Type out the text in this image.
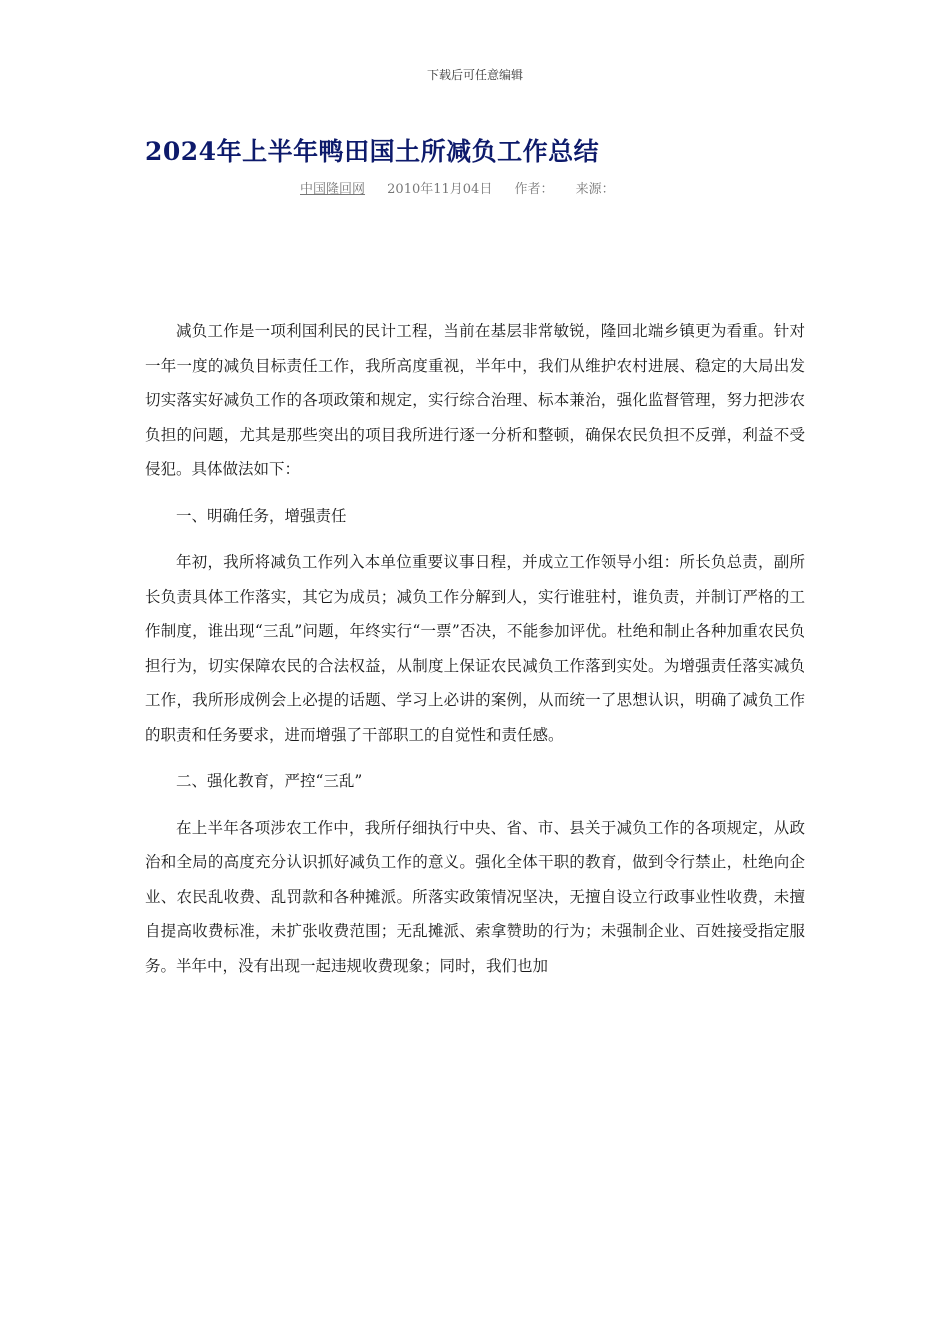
下载后可任意编辑
2024年上半年鸭田国土所减负工作总结
中国隆回网 2010年11月04日 作者： 来源：

减负工作是一项利国利民的民计工程，当前在基层非常敏锐，隆回北端乡镇更为看重。针对一年一度的减负目标责任工作，我所高度重视，半年中，我们从维护农村进展、稳定的大局出发切实落实好减负工作的各项政策和规定，实行综合治理、标本兼治，强化监督管理，努力把涉农负担的问题，尤其是那些突出的项目我所进行逐一分析和整顿，确保农民负担不反弹，利益不受侵犯。具体做法如下：

一、明确任务，增强责任

年初，我所将减负工作列入本单位重要议事日程，并成立工作领导小组：所长负总责，副所长负责具体工作落实，其它为成员；减负工作分解到人，实行谁驻村，谁负责，并制订严格的工作制度，谁出现“三乱”问题，年终实行“一票”否决，不能参加评优。杜绝和制止各种加重农民负担行为，切实保障农民的合法权益，从制度上保证农民减负工作落到实处。为增强责任落实减负工作，我所形成例会上必提的话题、学习上必讲的案例，从而统一了思想认识，明确了减负工作的职责和任务要求，进而增强了干部职工的自觉性和责任感。

二、强化教育，严控“三乱”

在上半年各项涉农工作中，我所仔细执行中央、省、市、县关于减负工作的各项规定，从政治和全局的高度充分认识抓好减负工作的意义。强化全体干职的教育，做到令行禁止，杜绝向企业、农民乱收费、乱罚款和各种摊派。所落实政策情况坚决，无擅自设立行政事业性收费，未擅自提高收费标准，未扩张收费范围；无乱摊派、索拿赞助的行为；未强制企业、百姓接受指定服务。半年中，没有出现一起违规收费现象；同时，我们也加
